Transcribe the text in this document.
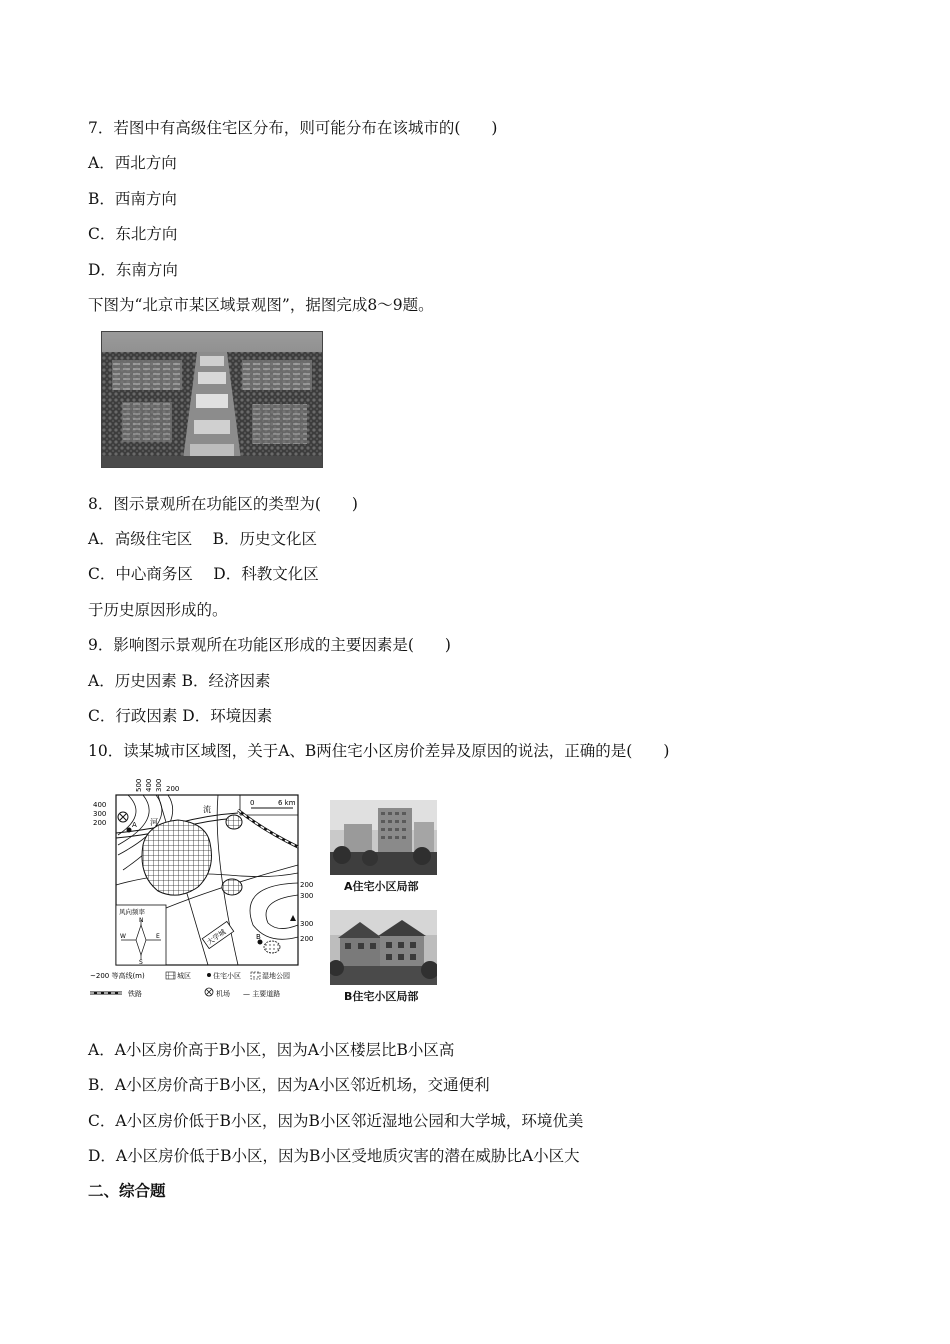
7．若图中有高级住宅区分布，则可能分布在该城市的(　　)
A．西北方向
B．西南方向
C．东北方向
D．东南方向
下图为“北京市某区域景观图”，据图完成8～9题。
8．图示景观所在功能区的类型为(　　)
A．高级住宅区　 B．历史文化区
C．中心商务区　 D．科教文化区
于历史原因形成的。
9．影响图示景观所在功能区形成的主要因素是(　　)
A．历史因素 B．经济因素
C．行政因素 D．环境因素
10．读某城市区域图，关于A、B两住宅小区房价差异及原因的说法，正确的是(　　)
500 400 300 200
400
300
200
200
300
300
200
0	6 km
河
流
A
B
大学城
风向频率
N
E
S
W
~200 等高线(m)	城区	住宅小区	湿地公园
铁路	机场 — 主要道路
A住宅小区局部
B住宅小区局部
A．A小区房价高于B小区，因为A小区楼层比B小区高
B．A小区房价高于B小区，因为A小区邻近机场，交通便利
C．A小区房价低于B小区，因为B小区邻近湿地公园和大学城，环境优美
D．A小区房价低于B小区，因为B小区受地质灾害的潜在威胁比A小区大
二、综合题
